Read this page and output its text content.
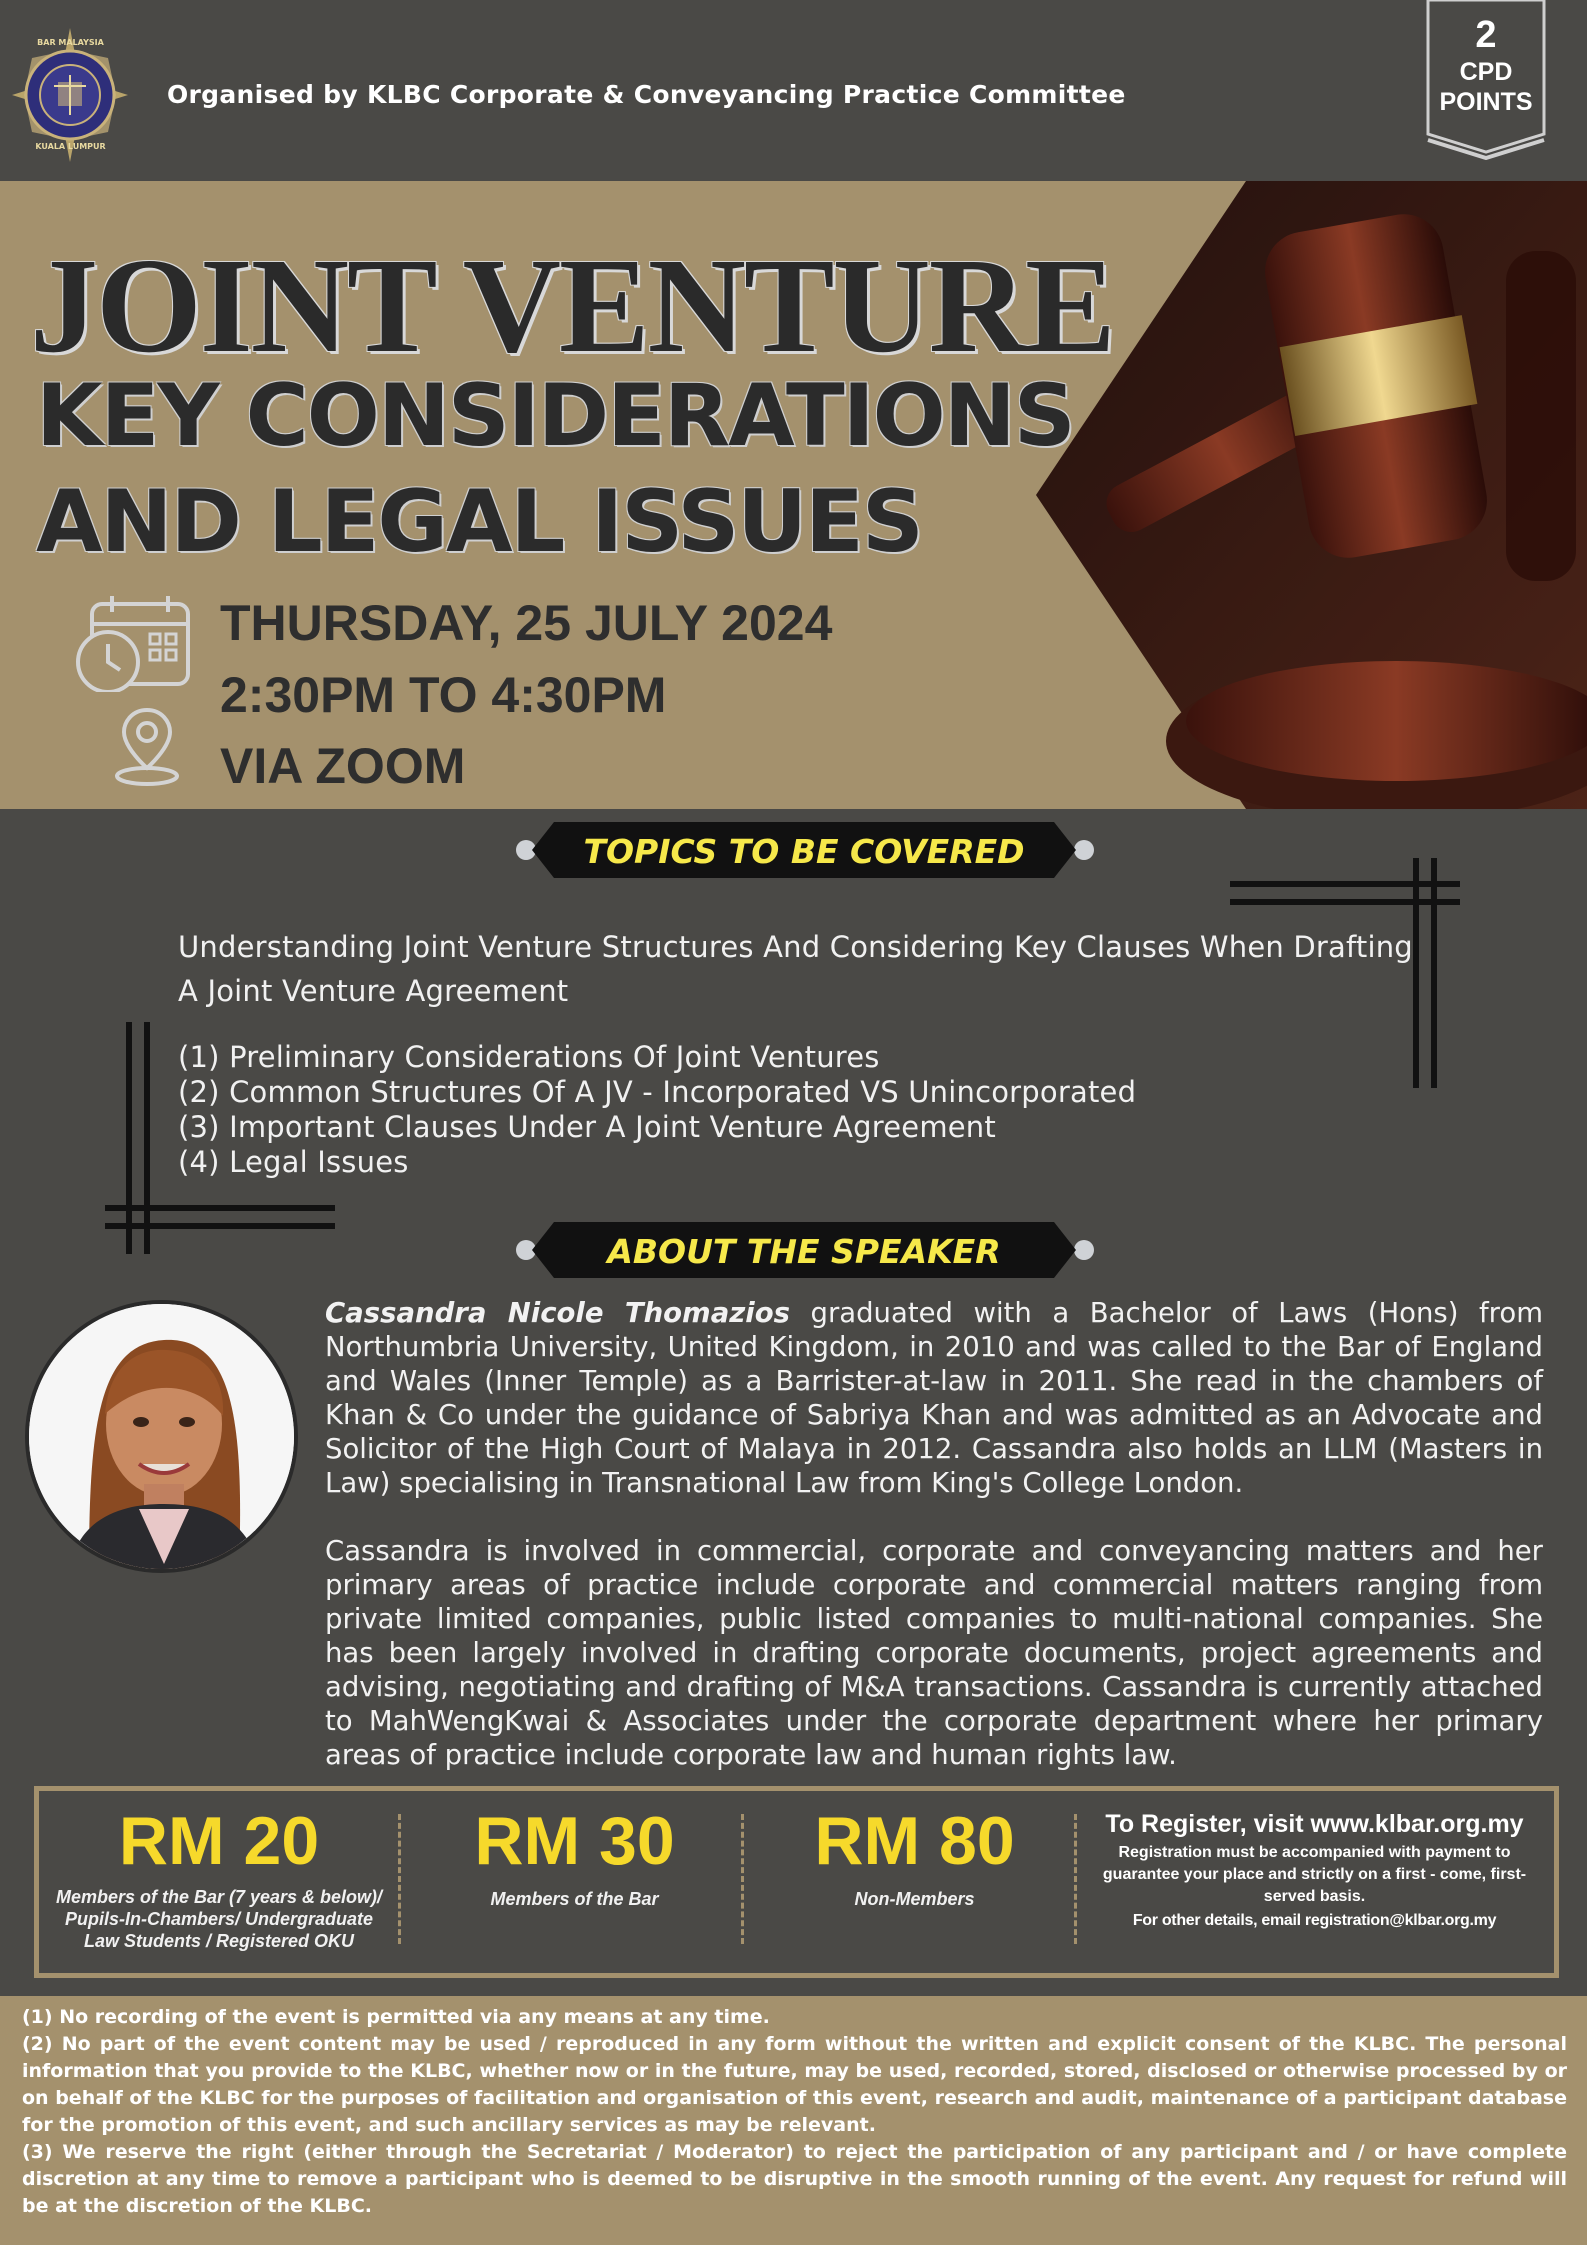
BAR MALAYSIA
KUALA LUMPUR
Organised by KLBC Corporate & Conveyancing Practice Committee
2
CPD
POINTS
JOINT VENTURE
KEY CONSIDERATIONS
AND LEGAL ISSUES
THURSDAY, 25 JULY 2024
2:30PM TO 4:30PM
VIA ZOOM
TOPICS TO BE COVERED
Understanding Joint Venture Structures And Considering Key Clauses When Drafting
A Joint Venture Agreement
(1) Preliminary Considerations Of Joint Ventures
(2) Common Structures Of A JV - Incorporated VS Unincorporated
(3) Important Clauses Under A Joint Venture Agreement
(4) Legal Issues
ABOUT THE SPEAKER
Cassandra Nicole Thomazios graduated with a Bachelor of Laws (Hons) from Northumbria University, United Kingdom, in 2010 and was called to the Bar of England and Wales (Inner Temple) as a Barrister-at-law in 2011. She read in the chambers of Khan & Co under the guidance of Sabriya Khan and was admitted as an Advocate and Solicitor of the High Court of Malaya in 2012. Cassandra also holds an LLM (Masters in Law) specialising in Transnational Law from King's College London.
Cassandra is involved in commercial, corporate and conveyancing matters and her primary areas of practice include corporate and commercial matters ranging from private limited companies, public listed companies to multi-national companies. She has been largely involved in drafting corporate documents, project agreements and advising, negotiating and drafting of M&A transactions. Cassandra is currently attached to MahWengKwai & Associates under the corporate department where her primary areas of practice include corporate law and human rights law.
RM 20
Members of the Bar (7 years & below)/
Pupils-In-Chambers/ Undergraduate
Law Students / Registered OKU
RM 30
Members of the Bar
RM 80
Non-Members
To Register, visit www.klbar.org.my
Registration must be accompanied with payment to
guarantee your place and strictly on a first - come, first-
served basis.
For other details, email registration@klbar.org.my
(1) No recording of the event is permitted via any means at any time.
(2) No part of the event content may be used / reproduced in any form without the written and explicit consent of the KLBC. The personal information that you provide to the KLBC, whether now or in the future, may be used, recorded, stored, disclosed or otherwise processed by or on behalf of the KLBC for the purposes of facilitation and organisation of this event, research and audit, maintenance of a participant database for the promotion of this event, and such ancillary services as may be relevant.
(3) We reserve the right (either through the Secretariat / Moderator) to reject the participation of any participant and / or have complete discretion at any time to remove a participant who is deemed to be disruptive in the smooth running of the event. Any request for refund will be at the discretion of the KLBC.
